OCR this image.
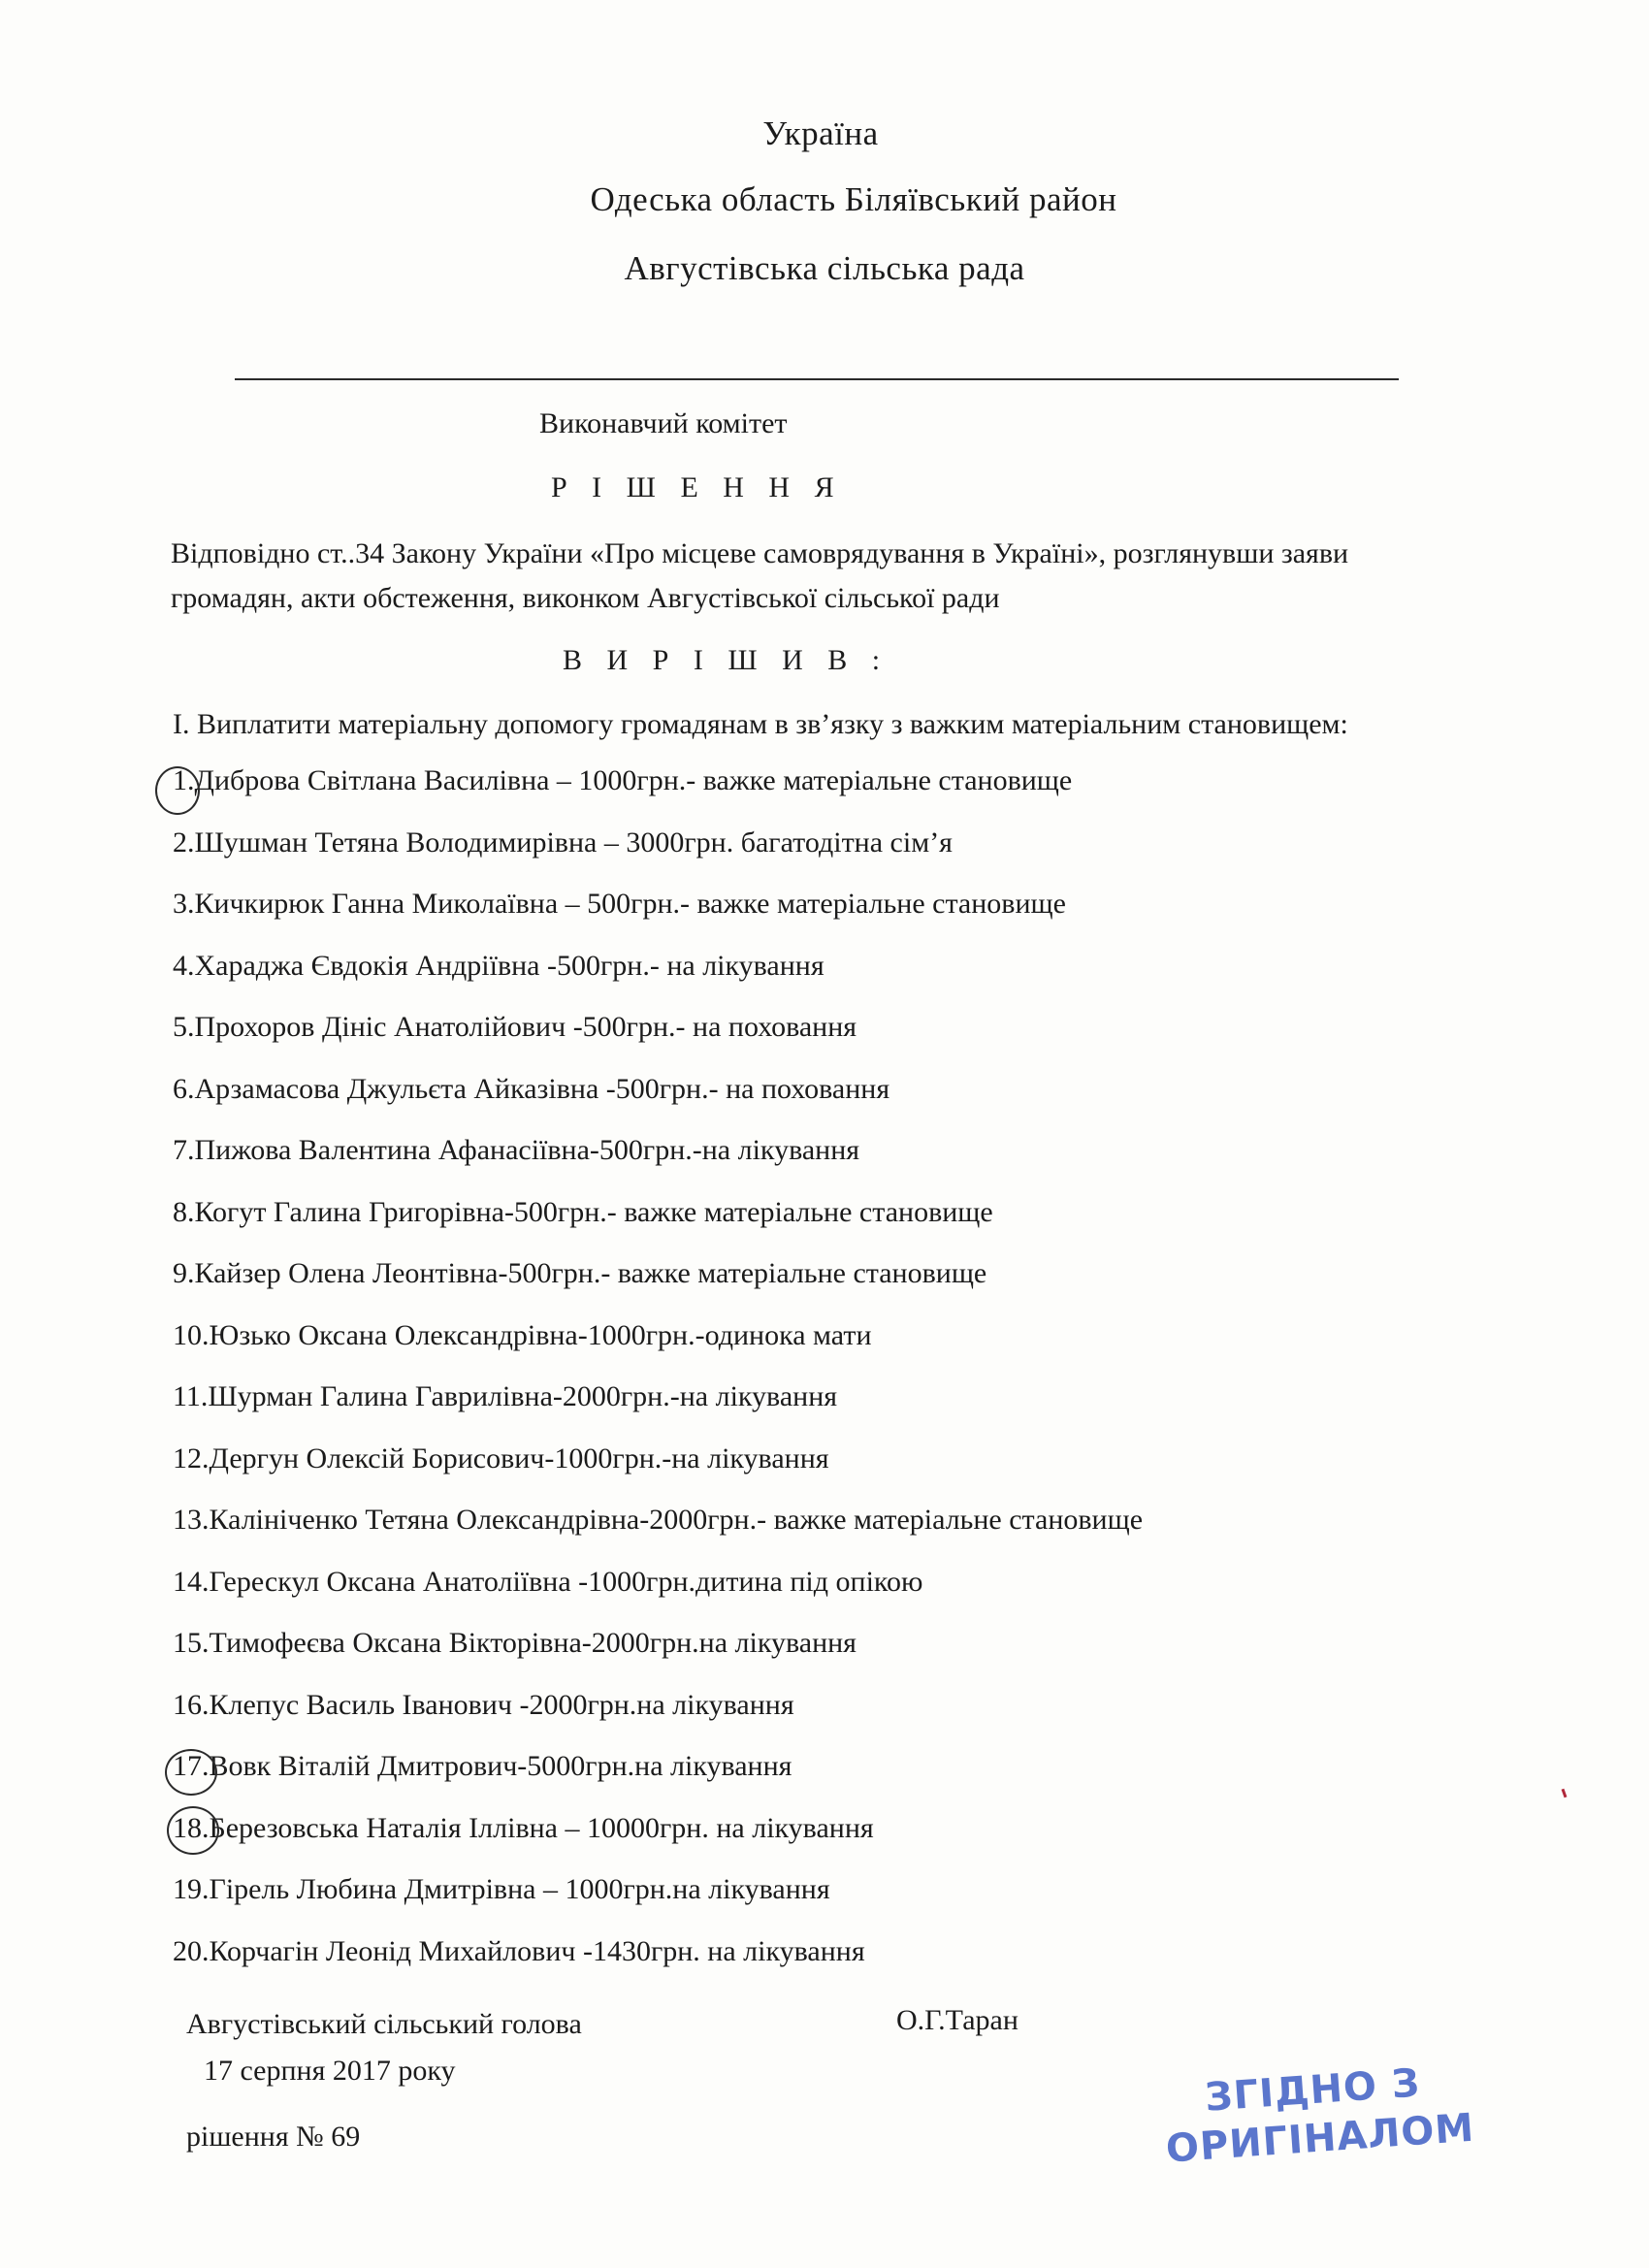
Україна
Одеська область Біляївський район
Августівська сільська рада
Виконавчий комітет
Р І Ш Е Н Н Я
Відповідно ст..34 Закону України «Про місцеве самоврядування в Україні», розглянувши заяви
громадян, акти обстеження, виконком Августівської сільської ради
В И Р І Ш И В :
І. Виплатити матеріальну допомогу громадянам в зв’язку з важким матеріальним становищем:
1.Диброва Світлана Василівна – 1000грн.- важке матеріальне становище
2.Шушман Тетяна Володимирівна – 3000грн. багатодітна сім’я
3.Кичкирюк Ганна Миколаївна – 500грн.- важке матеріальне становище
4.Хараджа Євдокія Андріївна -500грн.- на лікування
5.Прохоров Дініс Анатолійович -500грн.- на поховання
6.Арзамасова Джульєта Айказівна -500грн.- на поховання
7.Пижова Валентина Афанасіївна-500грн.-на лікування
8.Когут Галина Григорівна-500грн.- важке матеріальне становище
9.Кайзер Олена Леонтівна-500грн.- важке матеріальне становище
10.Юзько Оксана Олександрівна-1000грн.-одинока мати
11.Шурман Галина Гаврилівна-2000грн.-на лікування
12.Дергун Олексій Борисович-1000грн.-на лікування
13.Калініченко Тетяна Олександрівна-2000грн.- важке матеріальне становище
14.Герескул Оксана Анатоліївна -1000грн.дитина під опікою
15.Тимофеєва Оксана Вікторівна-2000грн.на лікування
16.Клепус Василь Іванович -2000грн.на лікування
17.Вовк Віталій Дмитрович-5000грн.на лікування
18.Березовська Наталія Іллівна – 10000грн. на лікування
19.Гірель Любина Дмитрівна – 1000грн.на лікування
20.Корчагін Леонід Михайлович -1430грн. на лікування
Августівський сільський голова	О.Г.Таран
17 серпня 2017 року
рішення № 69
ЗГІДНО З
ОРИГІНАЛОМ
